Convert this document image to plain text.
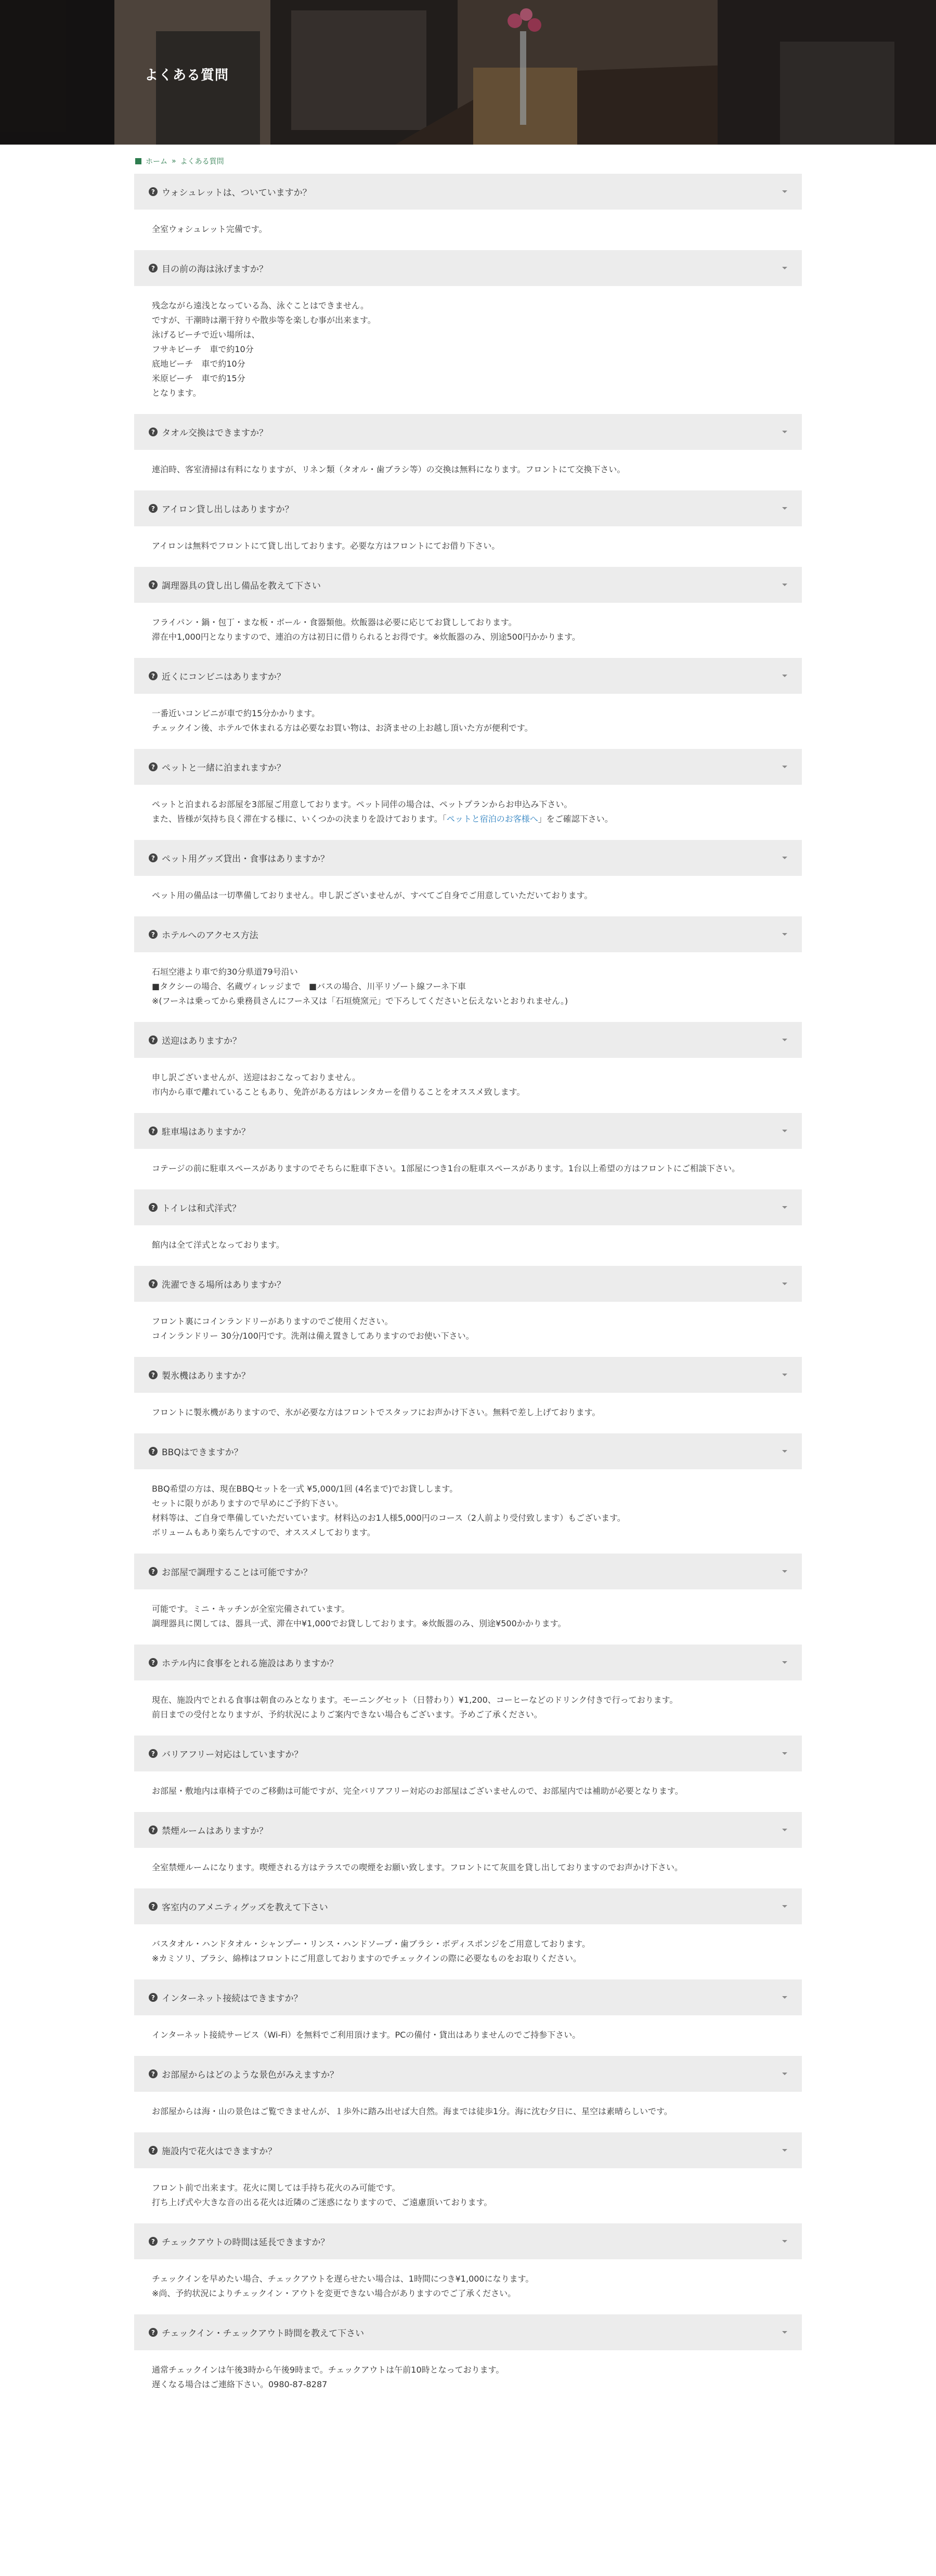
よくある質問
ホーム » よくある質問
? ウォシュレットは、ついていますか？

全室ウォシュレット完備です。

? 目の前の海は泳げますか？

残念ながら遠浅となっている為、泳ぐことはできません。

ですが、干潮時は潮干狩りや散歩等を楽しむ事が出来ます。

泳げるビーチで近い場所は、

フサキビーチ　車で約10分

底地ビーチ　車で約10分

米原ビーチ　車で約15分

となります。

? タオル交換はできますか？

連泊時、客室清掃は有料になりますが、リネン類（タオル・歯ブラシ等）の交換は無料になります。フロントにて交換下さい。

? アイロン貸し出しはありますか？

アイロンは無料でフロントにて貸し出しております。必要な方はフロントにてお借り下さい。

? 調理器具の貸し出し備品を教えて下さい

フライパン・鍋・包丁・まな板・ボール・食器類他。炊飯器は必要に応じてお貸ししております。

滞在中1,000円となりますので、連泊の方は初日に借りられるとお得です。※炊飯器のみ、別途500円かかります。

? 近くにコンビニはありますか？

一番近いコンビニが車で約15分かかります。

チェックイン後、ホテルで休まれる方は必要なお買い物は、お済ませの上お越し頂いた方が便利です。

? ペットと一緒に泊まれますか？

ペットと泊まれるお部屋を3部屋ご用意しております。ペット同伴の場合は、ペットプランからお申込み下さい。

また、皆様が気持ち良く滞在する様に、いくつかの決まりを設けております。「ペットと宿泊のお客様へ」をご確認下さい。

? ペット用グッズ貸出・食事はありますか？

ペット用の備品は一切準備しておりません。申し訳ございませんが、すべてご自身でご用意していただいております。

? ホテルへのアクセス方法

石垣空港より車で約30分県道79号沿い

■タクシーの場合、名蔵ヴィレッジまで　■バスの場合、川平リゾート線フーネ下車

※(フーネは乗ってから乗務員さんにフーネ又は「石垣焼窯元」で下ろしてくださいと伝えないとおりれません。)

? 送迎はありますか？

申し訳ございませんが、送迎はおこなっておりません。

市内から車で離れていることもあり、免許がある方はレンタカーを借りることをオススメ致します。

? 駐車場はありますか？

コテージの前に駐車スペースがありますのでそちらに駐車下さい。1部屋につき1台の駐車スペースがあります。1台以上希望の方はフロントにご相談下さい。

? トイレは和式洋式？

館内は全て洋式となっております。

? 洗濯できる場所はありますか？

フロント裏にコインランドリーがありますのでご使用ください。

コインランドリー 30分/100円です。洗剤は備え置きしてありますのでお使い下さい。

? 製氷機はありますか？

フロントに製氷機がありますので、氷が必要な方はフロントでスタッフにお声かけ下さい。無料で差し上げております。

? BBQはできますか？

BBQ希望の方は、現在BBQセットを一式 ¥5,000/1回 (4名まで)でお貸しします。

セットに限りがありますので早めにご予約下さい。

材料等は、ご自身で準備していただいています。材料込のお1人様5,000円のコース（2人前より受付致します）もございます。

ボリュームもあり楽ちんですので、オススメしております。

? お部屋で調理することは可能ですか？

可能です。ミニ・キッチンが全室完備されています。

調理器具に関しては、器具一式、滞在中¥1,000でお貸ししております。※炊飯器のみ、別途¥500かかります。

? ホテル内に食事をとれる施設はありますか？

現在、施設内でとれる食事は朝食のみとなります。モーニングセット（日替わり）¥1,200、コーヒーなどのドリンク付きで行っております。

前日までの受付となりますが、予約状況によりご案内できない場合もございます。予めご了承ください。

? バリアフリー対応はしていますか？

お部屋・敷地内は車椅子でのご移動は可能ですが、完全バリアフリー対応のお部屋はございませんので、お部屋内では補助が必要となります。

? 禁煙ルームはありますか？

全室禁煙ルームになります。喫煙される方はテラスでの喫煙をお願い致します。フロントにて灰皿を貸し出しておりますのでお声かけ下さい。

? 客室内のアメニティグッズを教えて下さい

バスタオル・ハンドタオル・シャンプー・リンス・ハンドソープ・歯ブラシ・ボディスポンジをご用意しております。

※カミソリ、ブラシ、綿棒はフロントにご用意しておりますのでチェックインの際に必要なものをお取りください。

? インターネット接続はできますか？

インターネット接続サービス（Wi-Fi）を無料でご利用頂けます。PCの備付・貸出はありませんのでご持参下さい。

? お部屋からはどのような景色がみえますか？

お部屋からは海・山の景色はご覧できませんが、１歩外に踏み出せば大自然。海までは徒歩1分。海に沈む夕日に、星空は素晴らしいです。

? 施設内で花火はできますか？

フロント前で出来ます。花火に関しては手持ち花火のみ可能です。

打ち上げ式や大きな音の出る花火は近隣のご迷惑になりますので、ご遠慮頂いております。

? チェックアウトの時間は延長できますか？

チェックインを早めたい場合、チェックアウトを遅らせたい場合は、1時間につき¥1,000になります。

※尚、予約状況によりチェックイン・アウトを変更できない場合がありますのでご了承ください。

? チェックイン・チェックアウト時間を教えて下さい

通常チェックインは午後3時から午後9時まで。チェックアウトは午前10時となっております。

遅くなる場合はご連絡下さい。0980-87-8287
